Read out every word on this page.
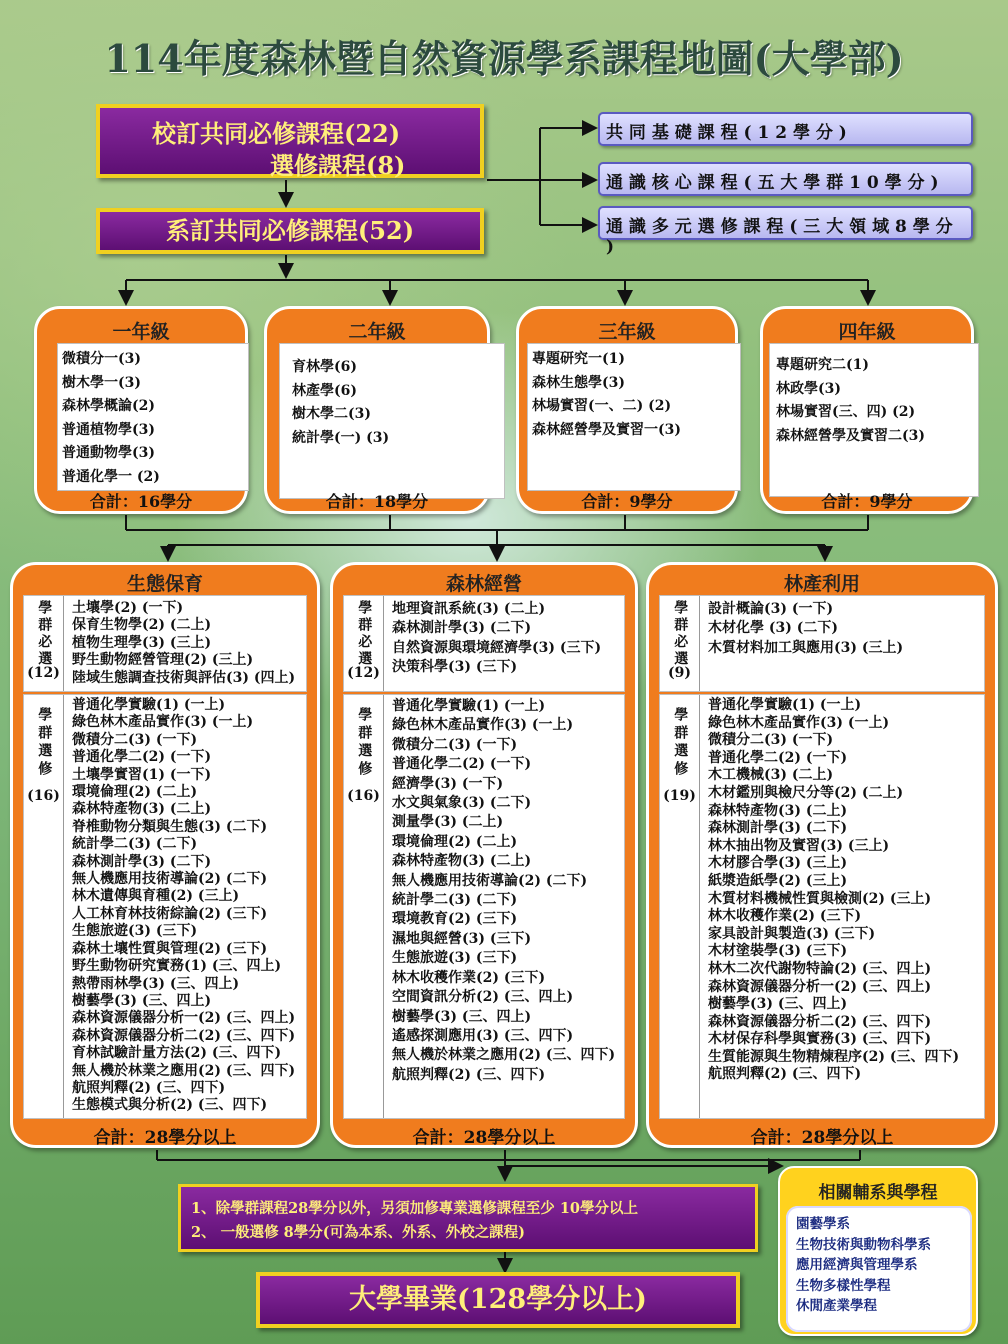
114年度森林暨自然資源學系課程地圖(大學部)
校訂共同必修課程(22)
選修課程(8)
系訂共同必修課程(52)
共 同 基 礎 課 程 ( 1 2 學 分 )
通 識 核 心 課 程 ( 五 大 學 群 1 0 學 分 )
通 識 多 元 選 修 課 程 ( 三 大 領 域 8 學 分 )
一年級
微積分一(3)
樹木學一(3)
森林學概論(2)
普通植物學(3)
普通動物學(3)
普通化學一 (2)
合計：16學分
二年級
育林學(6)
林產學(6)
樹木學二(3)
統計學(一) (3)
合計：18學分
三年級
專題研究一(1)
森林生態學(3)
林場實習(一、二) (2)
森林經營學及實習一(3)
合計：9學分
四年級
專題研究二(1)
林政學(3)
林場實習(三、四) (2)
森林經營學及實習二(3)
合計：9學分
生態保育
學群必選
(12)
土壤學(2) (一下)
保育生物學(2) (二上)
植物生理學(3) (三上)
野生動物經營管理(2) (三上)
陸域生態調查技術與評估(3) (四上)
學群選修
(16)
普通化學實驗(1) (一上)
綠色林木產品實作(3) (一上)
微積分二(3) (一下)
普通化學二(2) (一下)
土壤學實習(1) (一下)
環境倫理(2) (二上)
森林特產物(3) (二上)
脊椎動物分類與生態(3) (二下)
統計學二(3) (二下)
森林測計學(3) (二下)
無人機應用技術導論(2) (二下)
林木遺傳與育種(2) (三上)
人工林育林技術綜論(2) (三下)
生態旅遊(3) (三下)
森林土壤性質與管理(2) (三下)
野生動物研究實務(1) (三、四上)
熱帶雨林學(3) (三、四上)
樹藝學(3) (三、四上)
森林資源儀器分析一(2) (三、四上)
森林資源儀器分析二(2) (三、四下)
育林試驗計量方法(2) (三、四下)
無人機於林業之應用(2) (三、四下)
航照判釋(2) (三、四下)
生態模式與分析(2) (三、四下)
合計：28學分以上
森林經營
學群必選
(12)
地理資訊系統(3) (二上)
森林測計學(3) (二下)
自然資源與環境經濟學(3) (三下)
決策科學(3) (三下)
學群選修
(16)
普通化學實驗(1) (一上)
綠色林木產品實作(3) (一上)
微積分二(3) (一下)
普通化學二(2) (一下)
經濟學(3) (一下)
水文與氣象(3) (二下)
測量學(3) (二上)
環境倫理(2) (二上)
森林特產物(3) (二上)
無人機應用技術導論(2) (二下)
統計學二(3) (二下)
環境教育(2) (三下)
濕地與經營(3) (三下)
生態旅遊(3) (三下)
林木收穫作業(2) (三下)
空間資訊分析(2) (三、四上)
樹藝學(3) (三、四上)
遙感探測應用(3) (三、四下)
無人機於林業之應用(2) (三、四下)
航照判釋(2) (三、四下)
合計：28學分以上
林產利用
學群必選
(9)
設計概論(3) (一下)
木材化學 (3) (二下)
木質材料加工與應用(3) (三上)
學群選修
(19)
普通化學實驗(1) (一上)
綠色林木產品實作(3) (一上)
微積分二(3) (一下)
普通化學二(2) (一下)
木工機械(3) (二上)
木材鑑別與檢尺分等(2) (二上)
森林特產物(3) (二上)
森林測計學(3) (二下)
林木抽出物及實習(3) (三上)
木材膠合學(3) (三上)
紙漿造紙學(2) (三上)
木質材料機械性質與檢測(2) (三上)
林木收穫作業(2) (三下)
家具設計與製造(3) (三下)
木材塗裝學(3) (三下)
林木二次代謝物特論(2) (三、四上)
森林資源儀器分析一(2) (三、四上)
樹藝學(3) (三、四上)
森林資源儀器分析二(2) (三、四下)
木材保存科學與實務(3) (三、四下)
生質能源與生物精煉程序(2) (三、四下)
航照判釋(2) (三、四下)
合計：28學分以上
1、除學群課程28學分以外，另須加修專業選修課程至少 10學分以上
2、 一般選修 8學分(可為本系、外系、外校之課程)
大學畢業(128學分以上)
相關輔系與學程
園藝學系
生物技術與動物科學系
應用經濟與管理學系
生物多樣性學程
休閒產業學程
